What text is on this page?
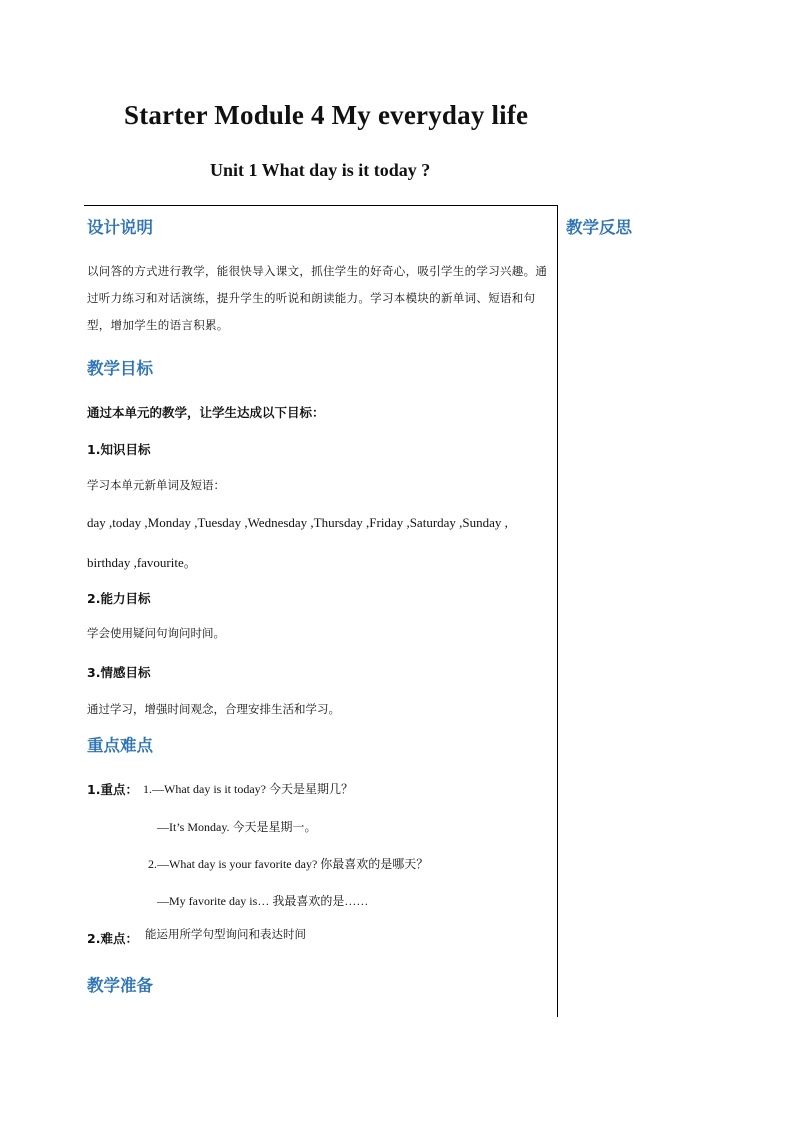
Starter Module 4 My everyday life
Unit 1 What day is it today ?
设计说明	教学反思
以问答的方式进行教学，能很快导入课文，抓住学生的好奇心，吸引学生的学习兴趣。通过听力练习和对话演练，提升学生的听说和朗读能力。学习本模块的新单词、短语和句型，增加学生的语言积累。
教学目标
通过本单元的教学，让学生达成以下目标：
1.知识目标
学习本单元新单词及短语：
day ,today ,Monday ,Tuesday ,Wednesday ,Thursday ,Friday ,Saturday ,Sunday ,
birthday ,favourite。
2.能力目标
学会使用疑问句询问时间。
3.情感目标
通过学习，增强时间观念，合理安排生活和学习。
重点难点
1.重点： 1.—What day is it today? 今天是星期几？
—It’s Monday. 今天是星期一。
2.—What day is your favorite day? 你最喜欢的是哪天？
—My favorite day is… 我最喜欢的是……
2.难点： 能运用所学句型询问和表达时间
教学准备
